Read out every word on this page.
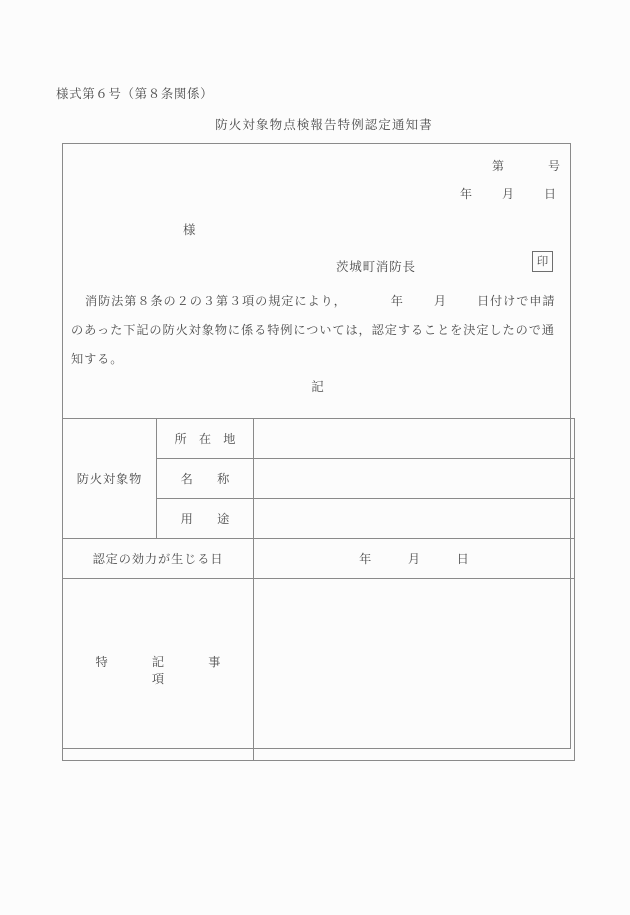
様式第６号（第８条関係）
防火対象物点検報告特例認定通知書
第	号
年	月	日
様
茨城町消防長	印
消防法第８条の２の３第３項の規定により，	年 月 日付けで申請
のあった下記の防火対象物に係る特例については，認定することを決定したので通
知する。
記
防火対象物	所　在　地	
	名　　称	
	用　　途	
認定の効力が生じる日		年　　　月　　　日
特　記　事　項		
